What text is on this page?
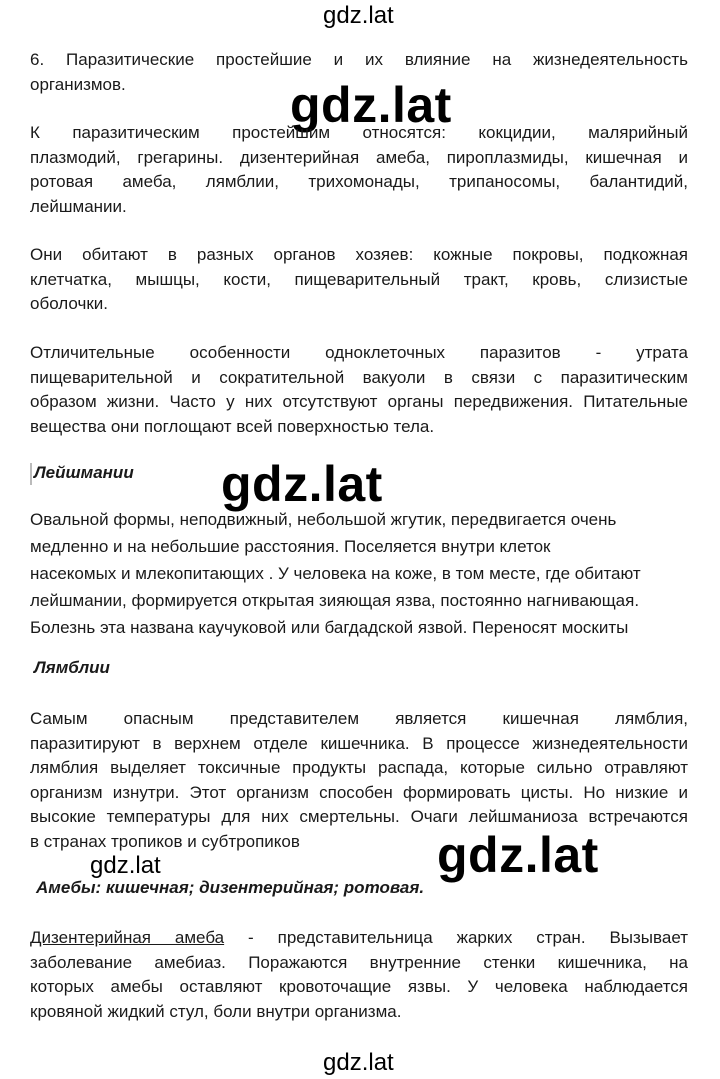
gdz.lat
gdz.lat
gdz.lat
gdz.lat	gdz.lat
gdz.lat
6. Паразитические простейшие и их влияние на жизнедеятельность
организмов.
К паразитическим простейшим относятся: кокцидии, малярийный
плазмодий, грегарины. дизентерийная амеба, пироплазмиды, кишечная и
ротовая амеба, лямблии, трихомонады, трипаносомы, балантидий,
лейшмании.
Они обитают в разных органов хозяев: кожные покровы, подкожная
клетчатка, мышцы, кости, пищеварительный тракт, кровь, слизистые
оболочки.
Отличительные особенности одноклеточных паразитов - утрата
пищеварительной и сократительной вакуоли в связи с паразитическим
образом жизни. Часто у них отсутствуют органы передвижения. Питательные
вещества они поглощают всей поверхностью тела.
Лейшмании
Овальной формы, неподвижный, небольшой жгутик, передвигается очень
медленно и на небольшие расстояния. Поселяется внутри клеток
насекомых и млекопитающих . У человека на коже, в том месте, где обитают
лейшмании, формируется открытая зияющая язва, постоянно нагнивающая.
Болезнь эта названа каучуковой или багдадской язвой. Переносят москиты
Лямблии
Самым опасным представителем является кишечная лямблия,
паразитируют в верхнем отделе кишечника. В процессе жизнедеятельности
лямблия выделяет токсичные продукты распада, которые сильно отравляют
организм изнутри. Этот организм способен формировать цисты. Но низкие и
высокие температуры для них смертельны. Очаги лейшманиоза встречаются
в странах тропиков и субтропиков
Амебы: кишечная; дизентерийная; ротовая.
Дизентерийная амеба - представительница жарких стран. Вызывает
заболевание амебиаз. Поражаются внутренние стенки кишечника, на
которых амебы оставляют кровоточащие язвы. У человека наблюдается
кровяной жидкий стул, боли внутри организма.
